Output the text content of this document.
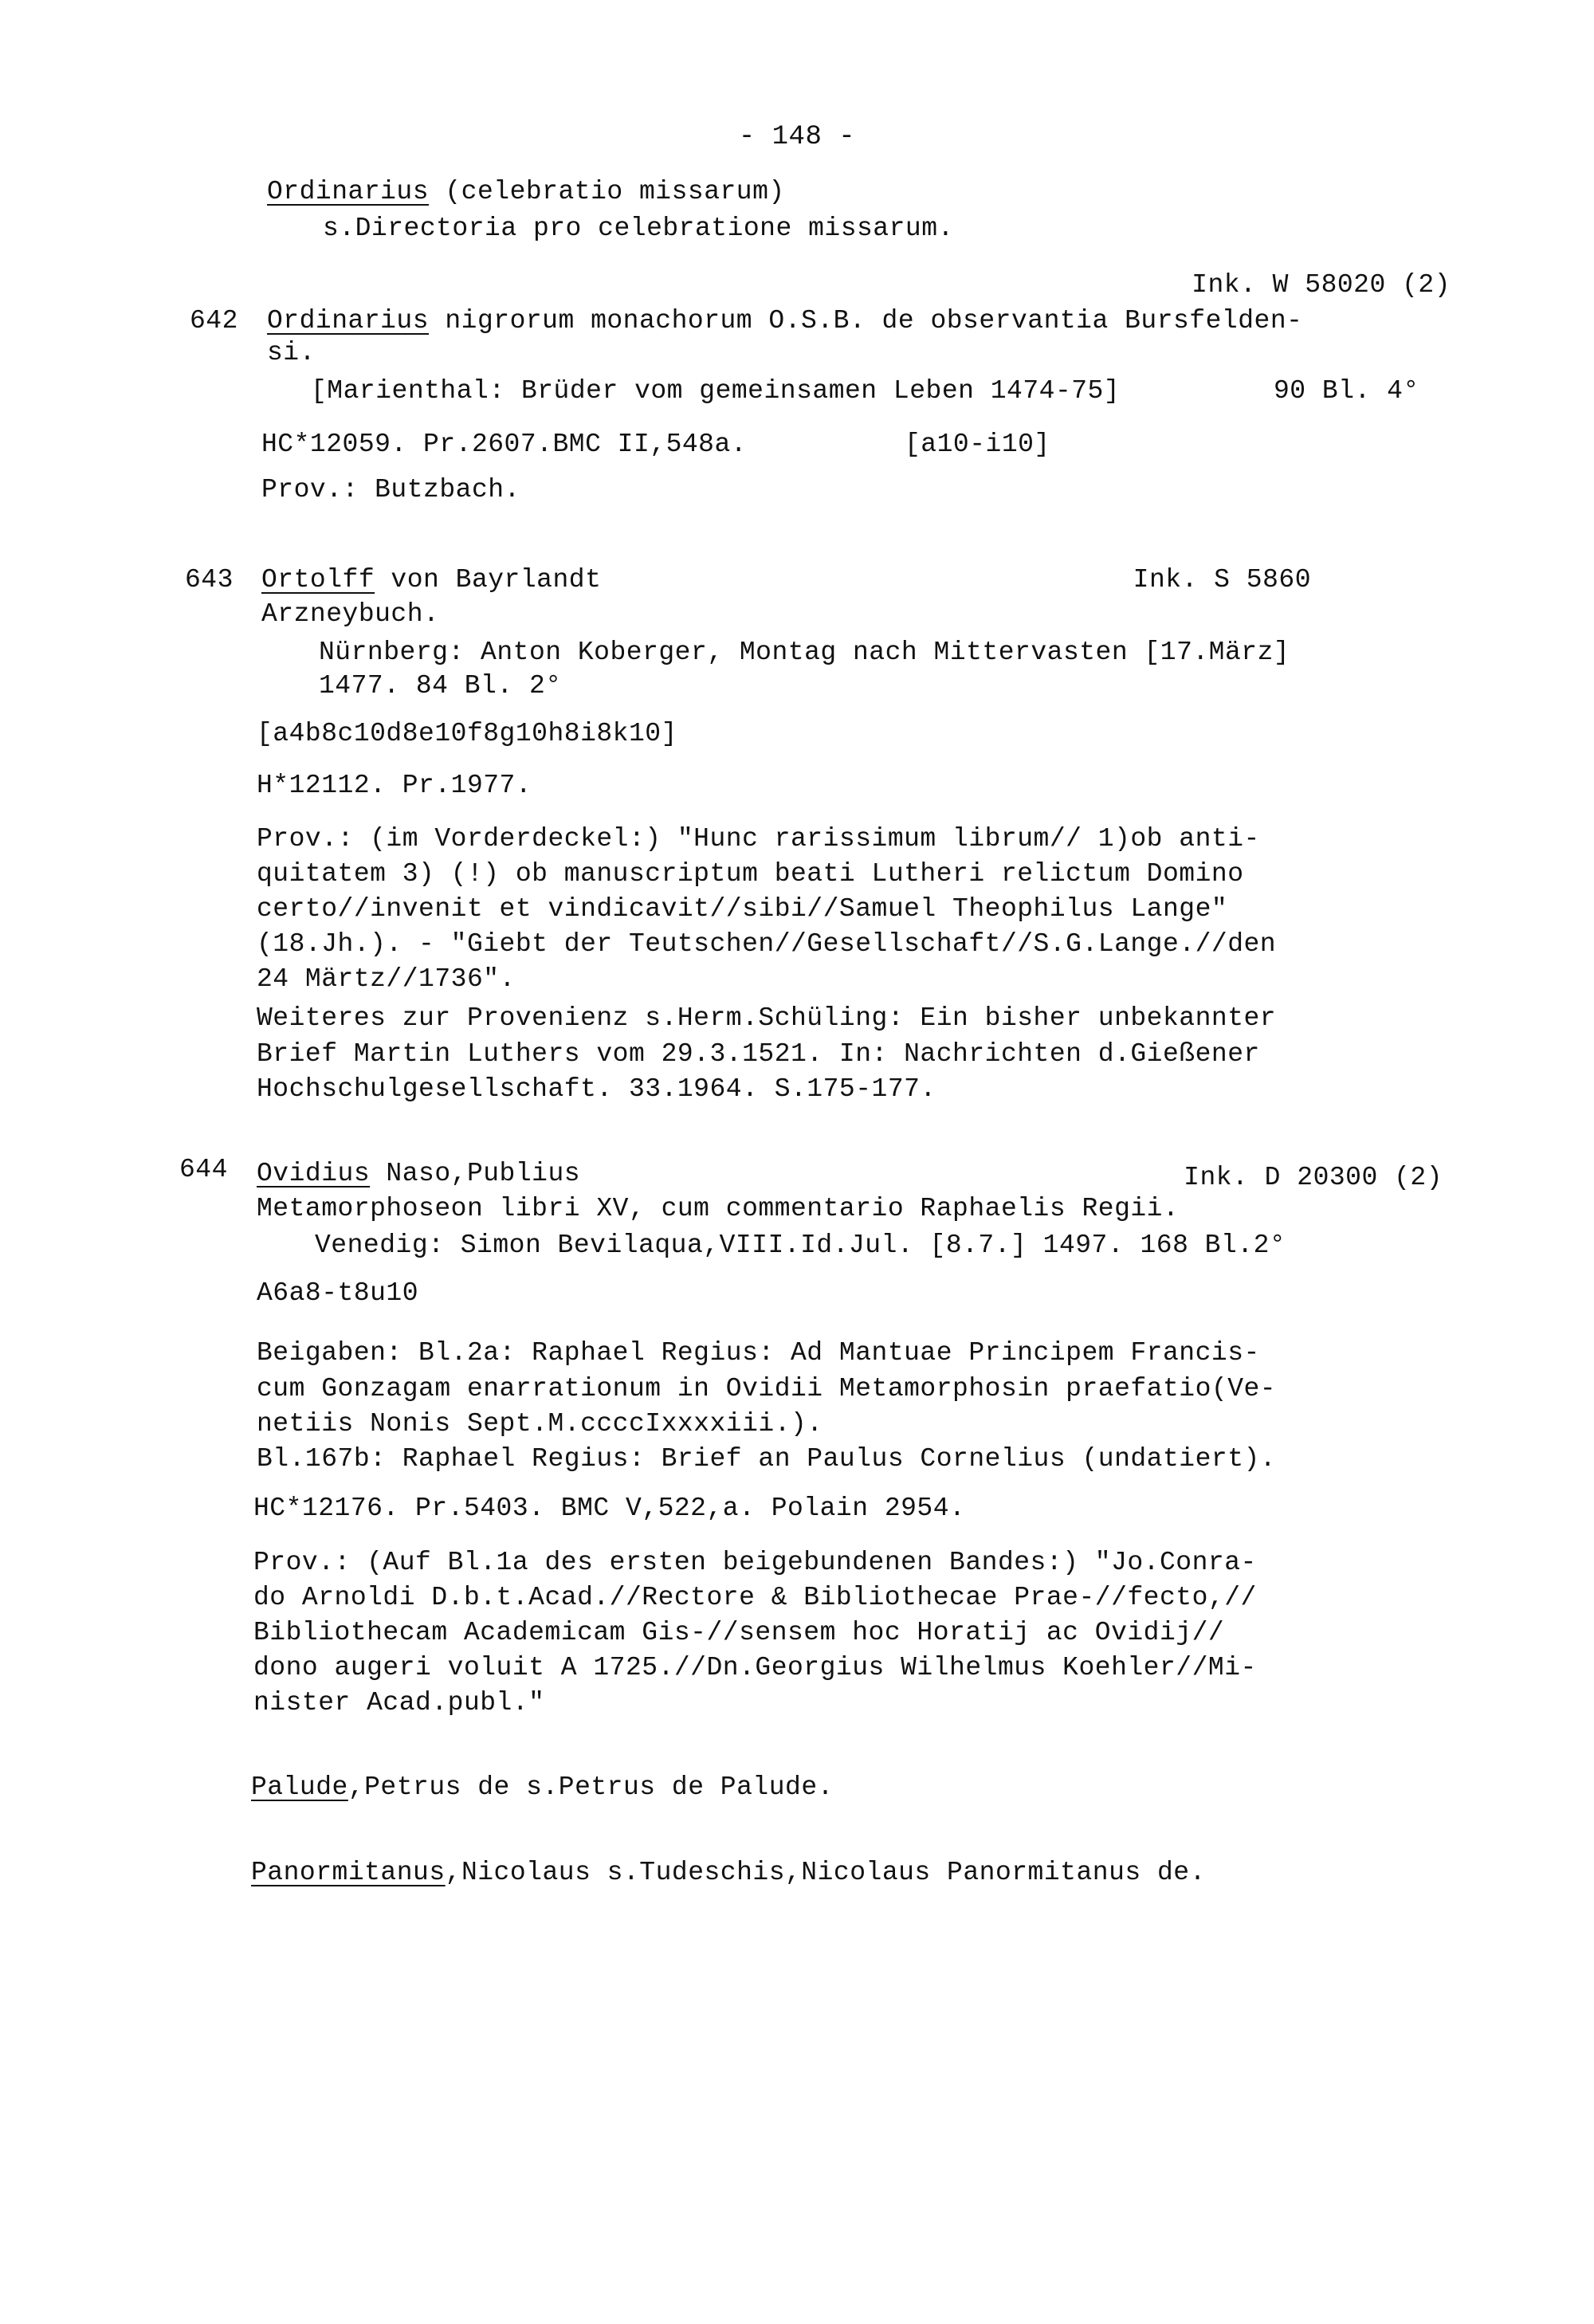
- 148 -
Ordinarius (celebratio missarum)
s.Directoria pro celebratione missarum.
Ink. W 58020 (2)
642 Ordinarius nigrorum monachorum O.S.B. de observantia Bursfelden-
si.
[Marienthal: Brüder vom gemeinsamen Leben 1474-75]	90 Bl. 4°
HC*12059. Pr.2607.BMC II,548a.	[a10-i10]
Prov.: Butzbach.
643 Ortolff von Bayrlandt	Ink. S 5860
Arzneybuch.
Nürnberg: Anton Koberger, Montag nach Mittervasten [17.März]
1477. 84 Bl. 2°
[a4b8c10d8e10f8g10h8i8k10]
H*12112. Pr.1977.
Prov.: (im Vorderdeckel:) "Hunc rarissimum librum// 1)ob anti-
quitatem 3) (!) ob manuscriptum beati Lutheri relictum Domino
certo//invenit et vindicavit//sibi//Samuel Theophilus Lange"
(18.Jh.). - "Giebt der Teutschen//Gesellschaft//S.G.Lange.//den
24 Märtz//1736".
Weiteres zur Provenienz s.Herm.Schüling: Ein bisher unbekannter
Brief Martin Luthers vom 29.3.1521. In: Nachrichten d.Gießener
Hochschulgesellschaft. 33.1964. S.175-177.
644 Ovidius Naso,Publius	Ink. D 20300 (2)
Metamorphoseon libri XV, cum commentario Raphaelis Regii.
Venedig: Simon Bevilaqua,VIII.Id.Jul. [8.7.] 1497. 168 Bl.2°
A6a8-t8u10
Beigaben: Bl.2a: Raphael Regius: Ad Mantuae Principem Francis-
cum Gonzagam enarrationum in Ovidii Metamorphosin praefatio(Ve-
netiis Nonis Sept.M.ccccIxxxxiii.).
Bl.167b: Raphael Regius: Brief an Paulus Cornelius (undatiert).
HC*12176. Pr.5403. BMC V,522,a. Polain 2954.
Prov.: (Auf Bl.1a des ersten beigebundenen Bandes:) "Jo.Conra-
do Arnoldi D.b.t.Acad.//Rectore & Bibliothecae Prae-//fecto,//
Bibliothecam Academicam Gis-//sensem hoc Horatij ac Ovidij//
dono augeri voluit A 1725.//Dn.Georgius Wilhelmus Koehler//Mi-
nister Acad.publ."
Palude,Petrus de s.Petrus de Palude.
Panormitanus,Nicolaus s.Tudeschis,Nicolaus Panormitanus de.
